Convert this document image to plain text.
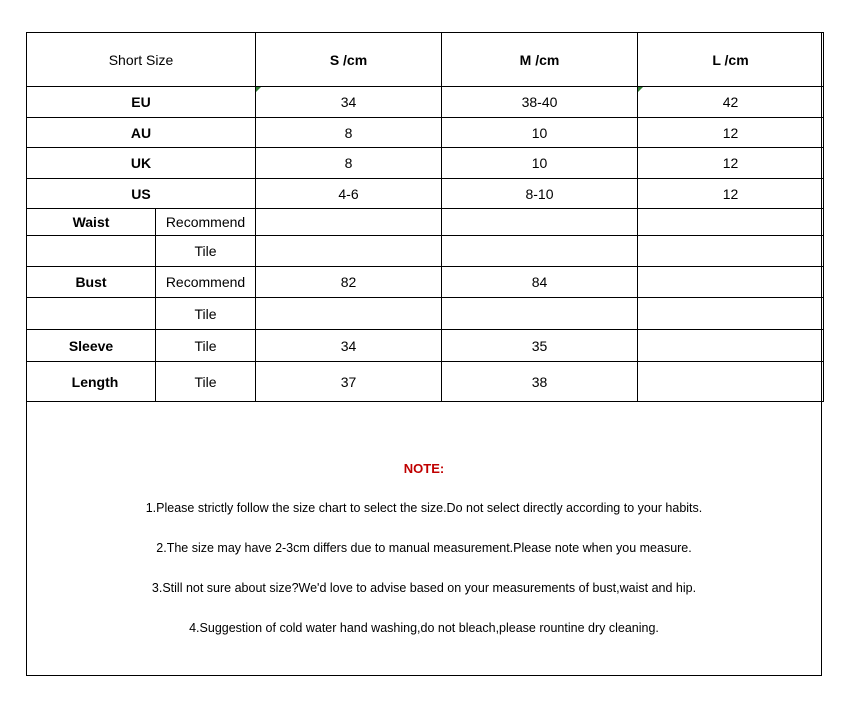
Short Size		S /cm	M /cm	L /cm
EU		34	38-40	42
AU		8	10	12
UK		8	10	12
US		4-6	8-10	12
Waist	Recommend			
	Tile			
Bust	Recommend	82	84	
	Tile			
Sleeve	Tile	34	35	
Length	Tile	37	38	
NOTE:
1.Please strictly follow the size chart to select the size.Do not select directly according to your habits.
2.The size may have 2-3cm differs due to manual measurement.Please note when you measure.
3.Still not sure about size?We'd love to advise based on your measurements of bust,waist and hip.
4.Suggestion of cold water hand washing,do not bleach,please rountine dry cleaning.
